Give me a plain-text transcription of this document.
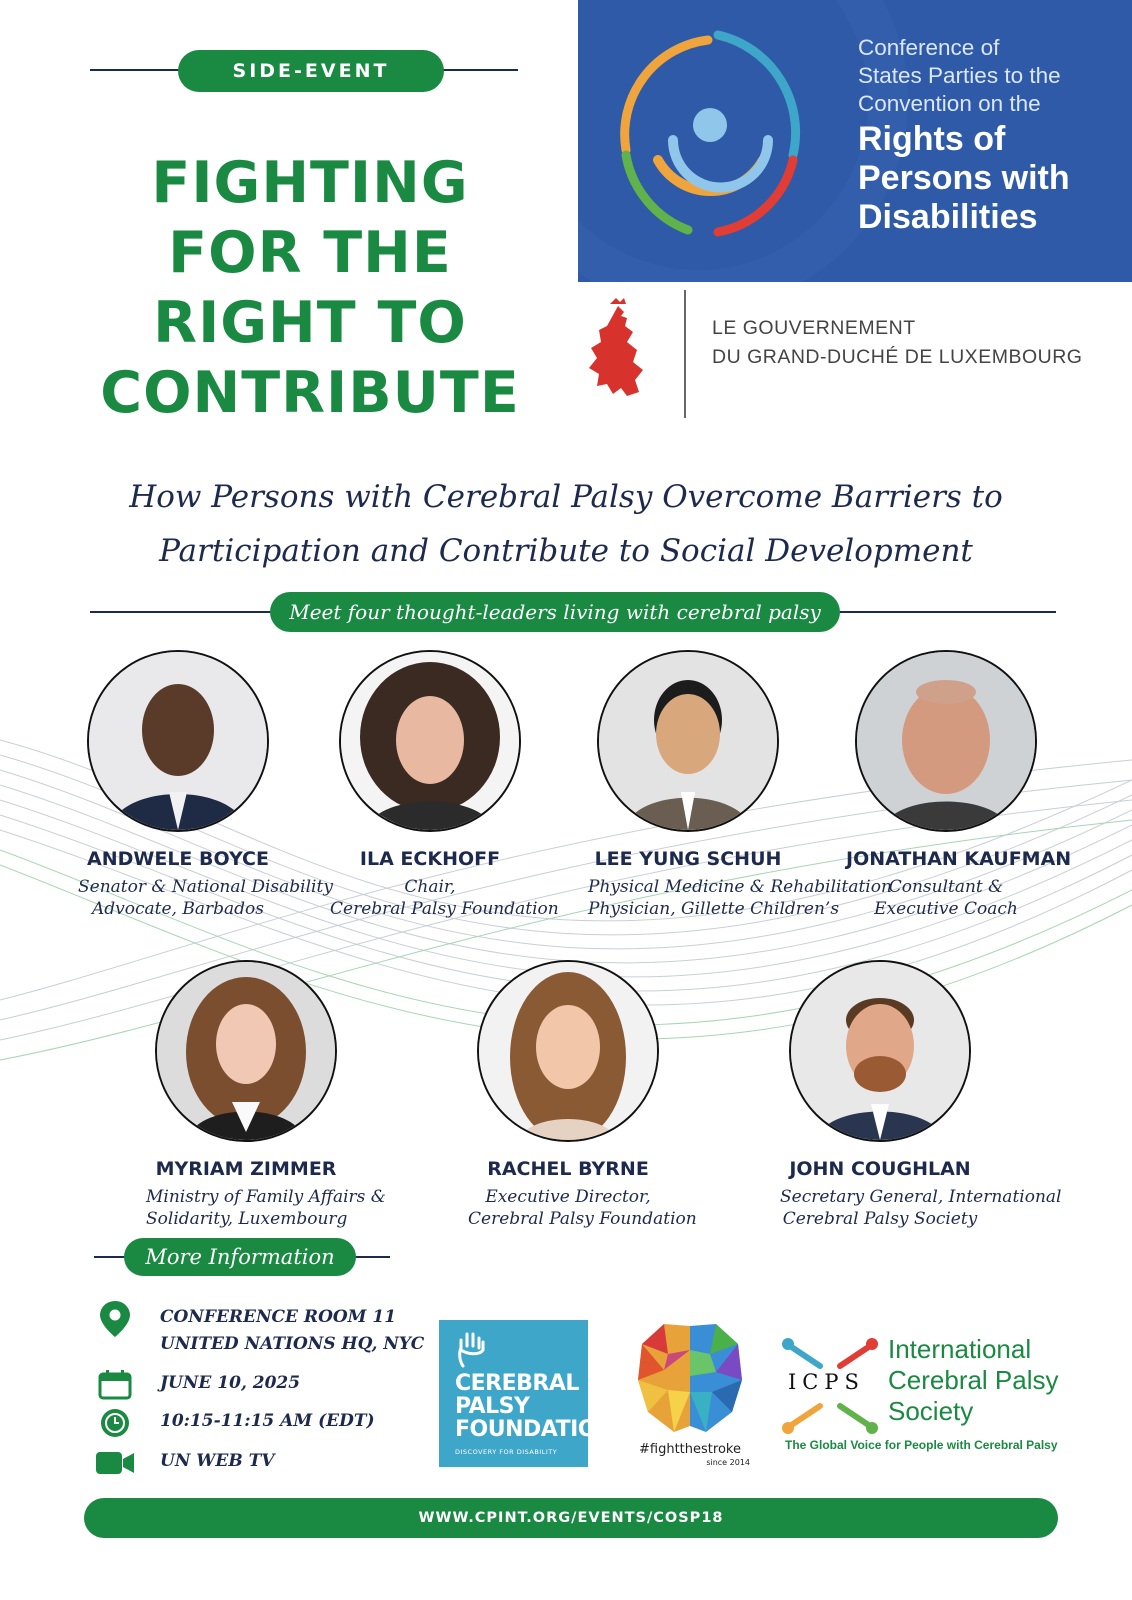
SIDE-EVENT
FIGHTING
FOR THE
RIGHT TO
CONTRIBUTE
Conference of
States Parties to the
Convention on the
Rights of
Persons with
Disabilities
LE GOUVERNEMENT
DU GRAND-DUCHÉ DE LUXEMBOURG
How Persons with Cerebral Palsy Overcome Barriers to
Participation and Contribute to Social Development
Meet four thought-leaders living with cerebral palsy
ANDWELE BOYCE
Senator & National Disability
Advocate, Barbados
ILA ECKHOFF
Chair,
Cerebral Palsy Foundation
LEE YUNG SCHUH
Physical Medicine & Rehabilitation
Physician, Gillette Children’s
JONATHAN KAUFMAN
Consultant &
Executive Coach
MYRIAM ZIMMER
Ministry of Family Affairs &
Solidarity, Luxembourg
RACHEL BYRNE
Executive Director,
Cerebral Palsy Foundation
JOHN COUGHLAN
Secretary General, International
Cerebral Palsy Society
More Information
CONFERENCE ROOM 11
UNITED NATIONS HQ, NYC
JUNE 10, 2025
10:15-11:15 AM (EDT)
UN WEB TV
CEREBRAL
PALSY
FOUNDATION
DISCOVERY FOR DISABILITY	#fightthestroke
since 2014
ICPS
International
Cerebral Palsy
Society
The Global Voice for People with Cerebral Palsy
WWW.CPINT.ORG/EVENTS/COSP18
